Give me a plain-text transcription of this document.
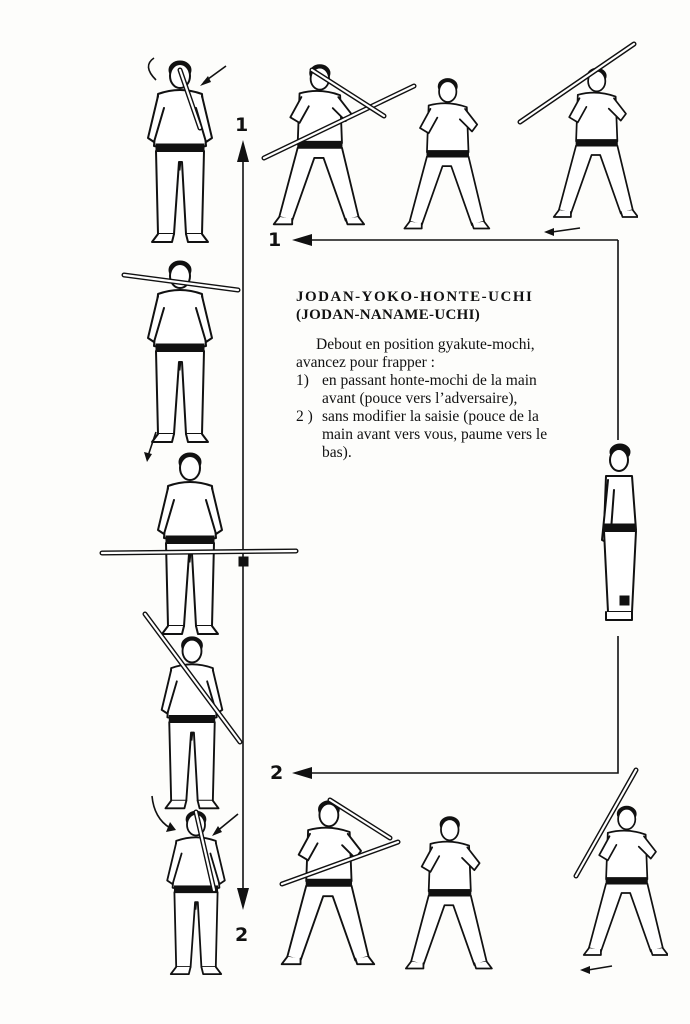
1
2
1
2

JODAN-YOKO-HONTE-UCHI

(JODAN-NANAME-UCHI)

Debout en position gyakute-mochi, avancez pour frapper :

1) en passant honte-mochi de la main avant (pouce vers l’adversaire),
2 ) sans modifier la saisie (pouce de la main avant vers vous, paume vers le bas).
